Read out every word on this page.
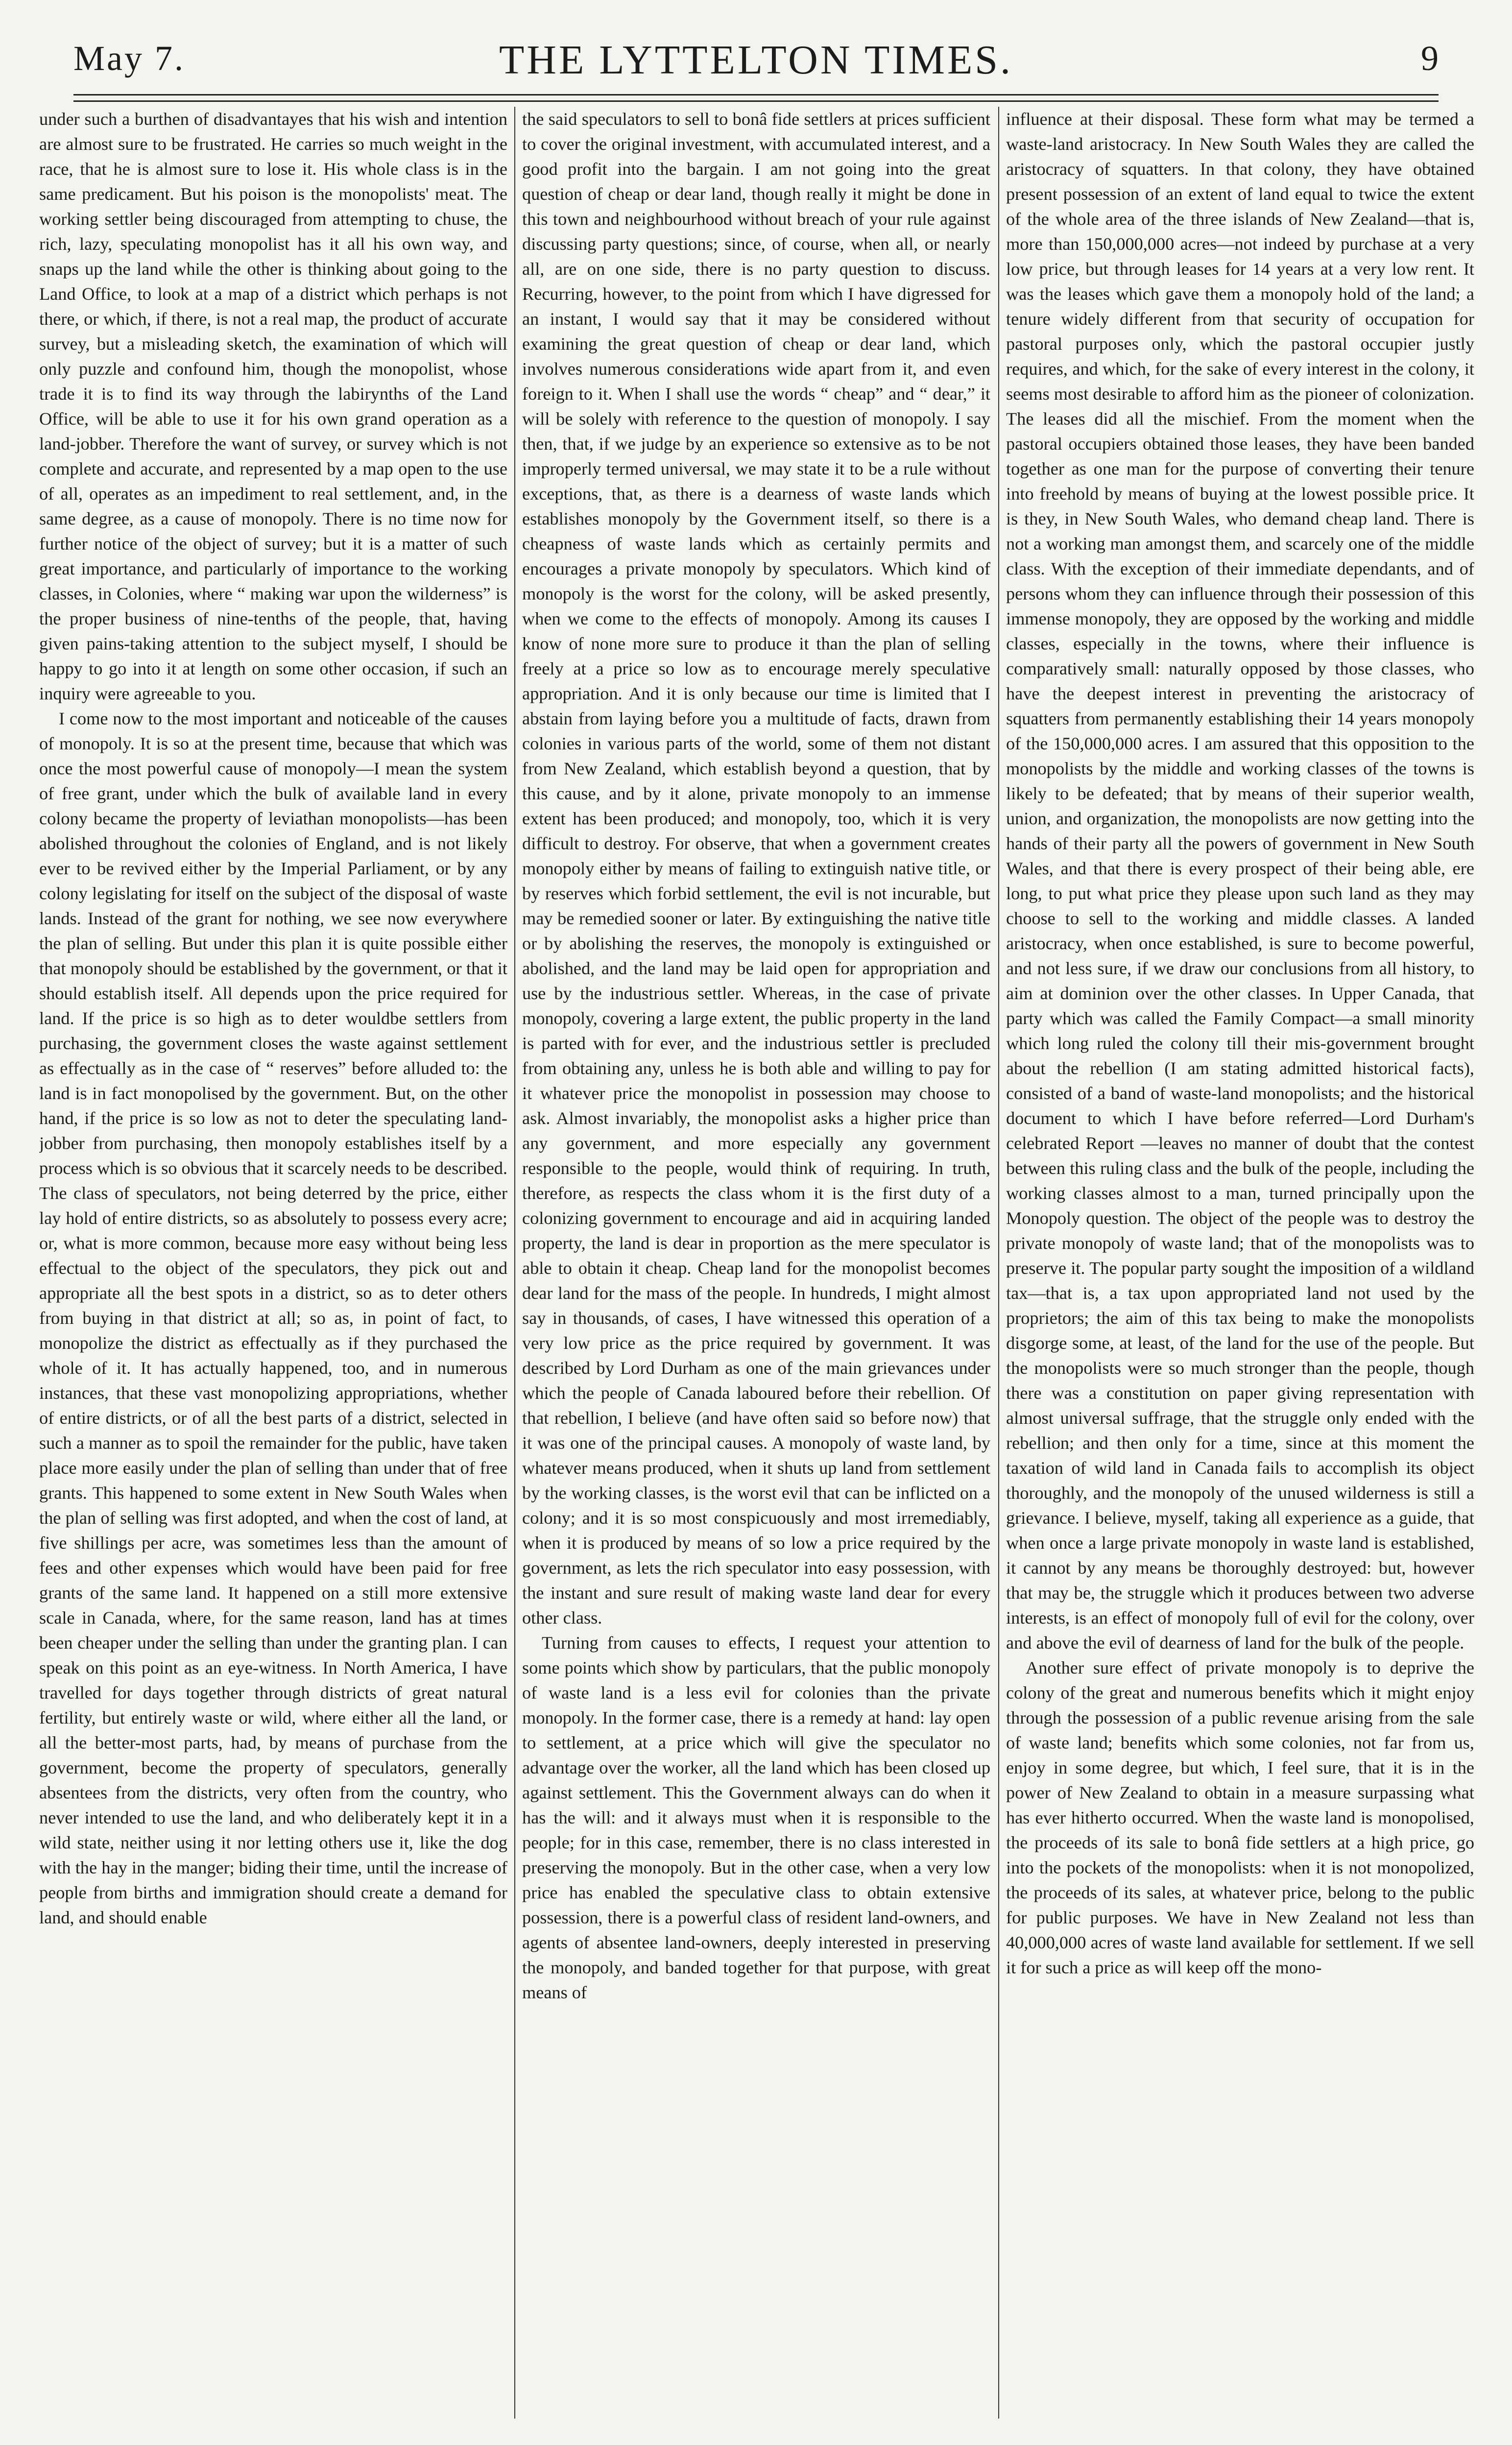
May 7.	THE LYTTELTON TIMES.	9

under such a burthen of disadvantayes that his wish and intention are almost sure to be frustrated. He carries so much weight in the race, that he is almost sure to lose it. His whole class is in the same predicament. But his poison is the monopolists' meat. The working settler being discouraged from attempting to chuse, the rich, lazy, speculating monopolist has it all his own way, and snaps up the land while the other is thinking about going to the Land Office, to look at a map of a district which perhaps is not there, or which, if there, is not a real map, the product of accurate survey, but a misleading sketch, the examination of which will only puzzle and confound him, though the monopolist, whose trade it is to find its way through the labirynths of the Land Office, will be able to use it for his own grand operation as a land-jobber. Therefore the want of survey, or survey which is not complete and accurate, and represented by a map open to the use of all, operates as an impediment to real settlement, and, in the same degree, as a cause of monopoly. There is no time now for further notice of the object of survey; but it is a matter of such great importance, and particularly of importance to the working classes, in Colonies, where “ making war upon the wilderness” is the proper business of nine-tenths of the people, that, having given pains-taking attention to the subject myself, I should be happy to go into it at length on some other occasion, if such an inquiry were agreeable to you.

I come now to the most important and noticeable of the causes of monopoly. It is so at the present time, because that which was once the most powerful cause of monopoly—I mean the system of free grant, under which the bulk of available land in every colony became the property of leviathan monopolists—has been abolished throughout the colonies of England, and is not likely ever to be revived either by the Imperial Parliament, or by any colony legislating for itself on the subject of the disposal of waste lands. Instead of the grant for nothing, we see now everywhere the plan of selling. But under this plan it is quite possible either that monopoly should be established by the government, or that it should establish itself. All depends upon the price required for land. If the price is so high as to deter wouldbe settlers from purchasing, the government closes the waste against settlement as effectually as in the case of “ reserves” before alluded to: the land is in fact monopolised by the government. But, on the other hand, if the price is so low as not to deter the speculating land-jobber from purchasing, then monopoly establishes itself by a process which is so obvious that it scarcely needs to be described. The class of speculators, not being deterred by the price, either lay hold of entire districts, so as absolutely to possess every acre; or, what is more common, because more easy without being less effectual to the object of the speculators, they pick out and appropriate all the best spots in a district, so as to deter others from buying in that district at all; so as, in point of fact, to monopolize the district as effectually as if they purchased the whole of it. It has actually happened, too, and in numerous instances, that these vast monopolizing appropriations, whether of entire districts, or of all the best parts of a district, selected in such a manner as to spoil the remainder for the public, have taken place more easily under the plan of selling than under that of free grants. This happened to some extent in New South Wales when the plan of selling was first adopted, and when the cost of land, at five shillings per acre, was sometimes less than the amount of fees and other expenses which would have been paid for free grants of the same land. It happened on a still more extensive scale in Canada, where, for the same reason, land has at times been cheaper under the selling than under the granting plan. I can speak on this point as an eye-witness. In North America, I have travelled for days together through districts of great natural fertility, but entirely waste or wild, where either all the land, or all the better-most parts, had, by means of purchase from the government, become the property of speculators, generally absentees from the districts, very often from the country, who never intended to use the land, and who deliberately kept it in a wild state, neither using it nor letting others use it, like the dog with the hay in the manger; biding their time, until the increase of people from births and immigration should create a demand for land, and should enable

the said speculators to sell to bonâ fide settlers at prices sufficient to cover the original investment, with accumulated interest, and a good profit into the bargain. I am not going into the great question of cheap or dear land, though really it might be done in this town and neighbourhood without breach of your rule against discussing party questions; since, of course, when all, or nearly all, are on one side, there is no party question to discuss. Recurring, however, to the point from which I have digressed for an instant, I would say that it may be considered without examining the great question of cheap or dear land, which involves numerous considerations wide apart from it, and even foreign to it. When I shall use the words “ cheap” and “ dear,” it will be solely with reference to the question of monopoly. I say then, that, if we judge by an experience so extensive as to be not improperly termed universal, we may state it to be a rule without exceptions, that, as there is a dearness of waste lands which establishes monopoly by the Government itself, so there is a cheapness of waste lands which as certainly permits and encourages a private monopoly by speculators. Which kind of monopoly is the worst for the colony, will be asked presently, when we come to the effects of monopoly. Among its causes I know of none more sure to produce it than the plan of selling freely at a price so low as to encourage merely speculative appropriation. And it is only because our time is limited that I abstain from laying before you a multitude of facts, drawn from colonies in various parts of the world, some of them not distant from New Zealand, which establish beyond a question, that by this cause, and by it alone, private monopoly to an immense extent has been produced; and monopoly, too, which it is very difficult to destroy. For observe, that when a government creates monopoly either by means of failing to extinguish native title, or by reserves which forbid settlement, the evil is not incurable, but may be remedied sooner or later. By extinguishing the native title or by abolishing the reserves, the monopoly is extinguished or abolished, and the land may be laid open for appropriation and use by the industrious settler. Whereas, in the case of private monopoly, covering a large extent, the public property in the land is parted with for ever, and the industrious settler is precluded from obtaining any, unless he is both able and willing to pay for it whatever price the monopolist in possession may choose to ask. Almost invariably, the monopolist asks a higher price than any government, and more especially any government responsible to the people, would think of requiring. In truth, therefore, as respects the class whom it is the first duty of a colonizing government to encourage and aid in acquiring landed property, the land is dear in proportion as the mere speculator is able to obtain it cheap. Cheap land for the monopolist becomes dear land for the mass of the people. In hundreds, I might almost say in thousands, of cases, I have witnessed this operation of a very low price as the price required by government. It was described by Lord Durham as one of the main grievances under which the people of Canada laboured before their rebellion. Of that rebellion, I believe (and have often said so before now) that it was one of the principal causes. A monopoly of waste land, by whatever means produced, when it shuts up land from settlement by the working classes, is the worst evil that can be inflicted on a colony; and it is so most conspicuously and most irremediably, when it is produced by means of so low a price required by the government, as lets the rich speculator into easy possession, with the instant and sure result of making waste land dear for every other class.

Turning from causes to effects, I request your attention to some points which show by particulars, that the public monopoly of waste land is a less evil for colonies than the private monopoly. In the former case, there is a remedy at hand: lay open to settlement, at a price which will give the speculator no advantage over the worker, all the land which has been closed up against settlement. This the Government always can do when it has the will: and it always must when it is responsible to the people; for in this case, remember, there is no class interested in preserving the monopoly. But in the other case, when a very low price has enabled the speculative class to obtain extensive possession, there is a powerful class of resident land-owners, and agents of absentee land-owners, deeply interested in preserving the monopoly, and banded together for that purpose, with great means of

influence at their disposal. These form what may be termed a waste-land aristocracy. In New South Wales they are called the aristocracy of squatters. In that colony, they have obtained present possession of an extent of land equal to twice the extent of the whole area of the three islands of New Zealand—that is, more than 150,000,000 acres—not indeed by purchase at a very low price, but through leases for 14 years at a very low rent. It was the leases which gave them a monopoly hold of the land; a tenure widely different from that security of occupation for pastoral purposes only, which the pastoral occupier justly requires, and which, for the sake of every interest in the colony, it seems most desirable to afford him as the pioneer of colonization. The leases did all the mischief. From the moment when the pastoral occupiers obtained those leases, they have been banded together as one man for the purpose of converting their tenure into freehold by means of buying at the lowest possible price. It is they, in New South Wales, who demand cheap land. There is not a working man amongst them, and scarcely one of the middle class. With the exception of their immediate dependants, and of persons whom they can influence through their possession of this immense monopoly, they are opposed by the working and middle classes, especially in the towns, where their influence is comparatively small: naturally opposed by those classes, who have the deepest interest in preventing the aristocracy of squatters from permanently establishing their 14 years monopoly of the 150,000,000 acres. I am assured that this opposition to the monopolists by the middle and working classes of the towns is likely to be defeated; that by means of their superior wealth, union, and organization, the monopolists are now getting into the hands of their party all the powers of government in New South Wales, and that there is every prospect of their being able, ere long, to put what price they please upon such land as they may choose to sell to the working and middle classes. A landed aristocracy, when once established, is sure to become powerful, and not less sure, if we draw our conclusions from all history, to aim at dominion over the other classes. In Upper Canada, that party which was called the Family Compact—a small minority which long ruled the colony till their mis-government brought about the rebellion (I am stating admitted historical facts), consisted of a band of waste-land monopolists; and the historical document to which I have before referred—Lord Durham's celebrated Report —leaves no manner of doubt that the contest between this ruling class and the bulk of the people, including the working classes almost to a man, turned principally upon the Monopoly question. The object of the people was to destroy the private monopoly of waste land; that of the monopolists was to preserve it. The popular party sought the imposition of a wildland tax—that is, a tax upon appropriated land not used by the proprietors; the aim of this tax being to make the monopolists disgorge some, at least, of the land for the use of the people. But the monopolists were so much stronger than the people, though there was a constitution on paper giving representation with almost universal suffrage, that the struggle only ended with the rebellion; and then only for a time, since at this moment the taxation of wild land in Canada fails to accomplish its object thoroughly, and the monopoly of the unused wilderness is still a grievance. I believe, myself, taking all experience as a guide, that when once a large private monopoly in waste land is established, it cannot by any means be thoroughly destroyed: but, however that may be, the struggle which it produces between two adverse interests, is an effect of monopoly full of evil for the colony, over and above the evil of dearness of land for the bulk of the people.

Another sure effect of private monopoly is to deprive the colony of the great and numerous benefits which it might enjoy through the possession of a public revenue arising from the sale of waste land; benefits which some colonies, not far from us, enjoy in some degree, but which, I feel sure, that it is in the power of New Zealand to obtain in a measure surpassing what has ever hitherto occurred. When the waste land is monopolised, the proceeds of its sale to bonâ fide settlers at a high price, go into the pockets of the monopolists: when it is not monopolized, the proceeds of its sales, at whatever price, belong to the public for public purposes. We have in New Zealand not less than 40,000,000 acres of waste land available for settlement. If we sell it for such a price as will keep off the mono-
